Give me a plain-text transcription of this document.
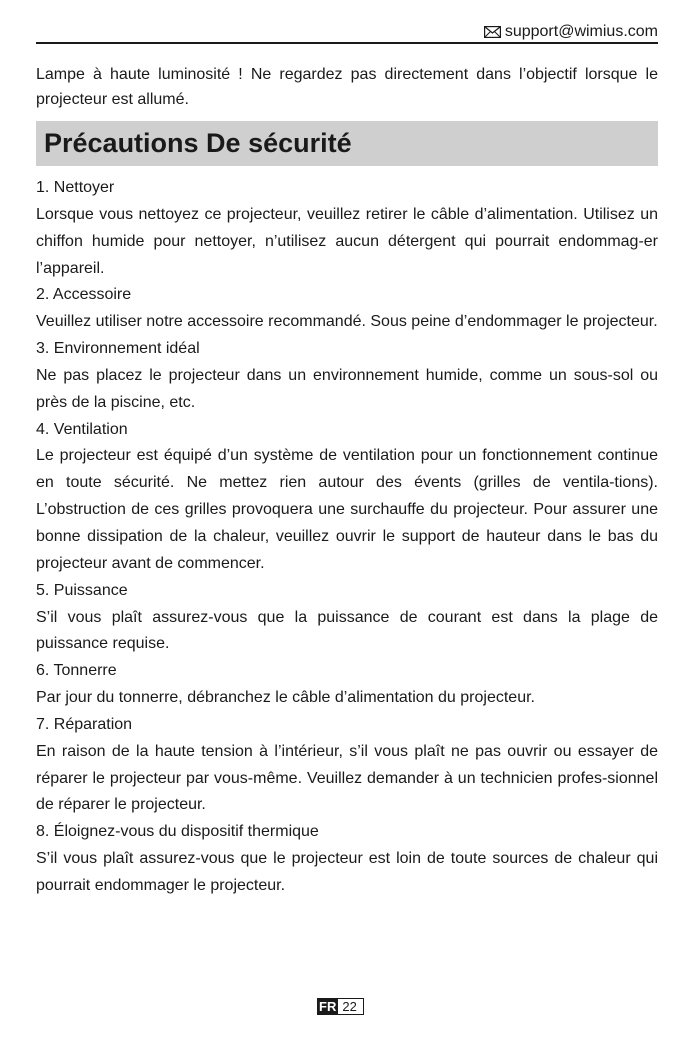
support@wimius.com
Lampe à haute luminosité ! Ne regardez pas directement dans l’objectif lorsque le projecteur est allumé.
Précautions De sécurité

1. Nettoyer

Lorsque vous nettoyez ce projecteur, veuillez retirer le câble d’alimentation. Utilisez un chiffon humide pour nettoyer, n’utilisez aucun détergent qui pourrait endommag-er l’appareil.

2. Accessoire

Veuillez utiliser notre accessoire recommandé. Sous peine d’endommager le projecteur.

3. Environnement idéal

Ne pas placez le projecteur dans un environnement humide, comme un sous-sol ou près de la piscine, etc.

4. Ventilation

Le projecteur est équipé d’un système de ventilation pour un fonctionnement continue en toute sécurité. Ne mettez rien autour des évents (grilles de ventila-tions). L’obstruction de ces grilles provoquera une surchauffe du projecteur. Pour assurer une bonne dissipation de la chaleur, veuillez ouvrir le support de hauteur dans le bas du projecteur avant de commencer.

5. Puissance

S’il vous plaît assurez-vous que la puissance de courant est dans la plage de puissance requise.

6. Tonnerre

Par jour du tonnerre, débranchez le câble d’alimentation du projecteur.

7. Réparation

En raison de la haute tension à l’intérieur, s’il vous plaît ne pas ouvrir ou essayer de réparer le projecteur par vous-même. Veuillez demander à un technicien profes-sionnel de réparer le projecteur.

8. Éloignez-vous du dispositif thermique

S’il vous plaît assurez-vous que le projecteur est loin de toute sources de chaleur qui pourrait endommager le projecteur.

FR 22
